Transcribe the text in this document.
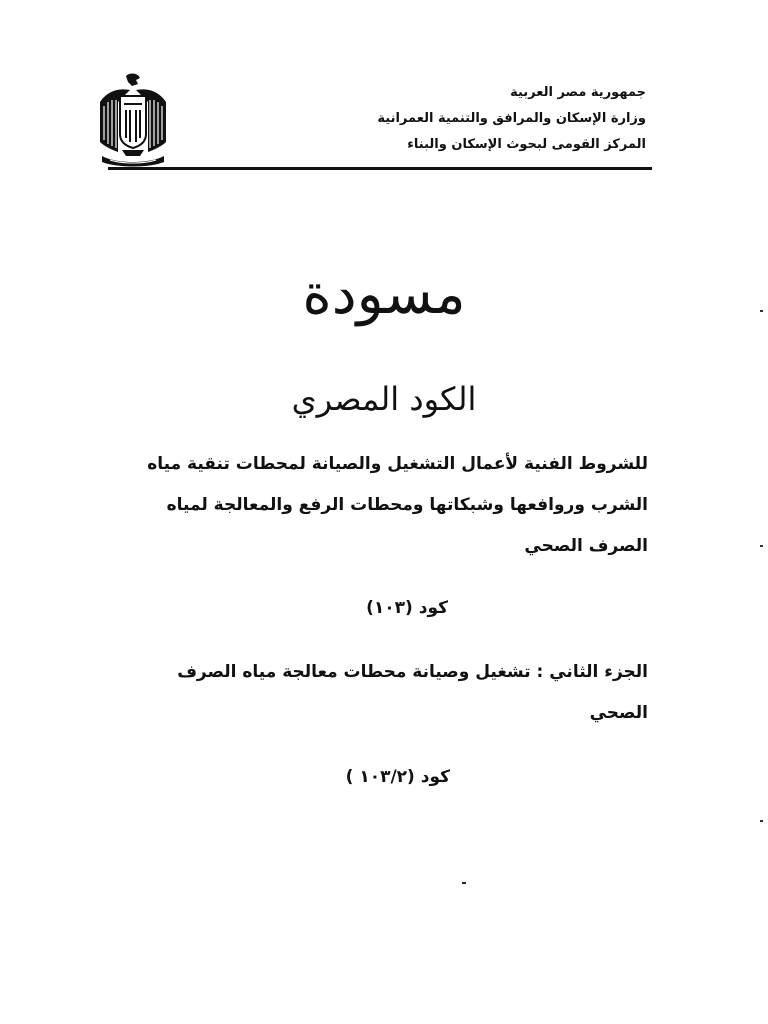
جمهورية مصر العربية
وزارة الإسكان والمرافق والتنمية العمرانية
المركز القومى لبحوث الإسكان والبناء
مسودة
الكود المصري
للشروط الفنية لأعمال التشغيل والصيانة لمحطات تنقية مياه
الشرب وروافعها وشبكاتها ومحطات الرفع والمعالجة لمياه
الصرف الصحي
كود (١٠٣)
الجزء الثاني : تشغيل وصيانة محطات معالجة مياه الصرف
الصحي
كود (١٠٣/٢ )
